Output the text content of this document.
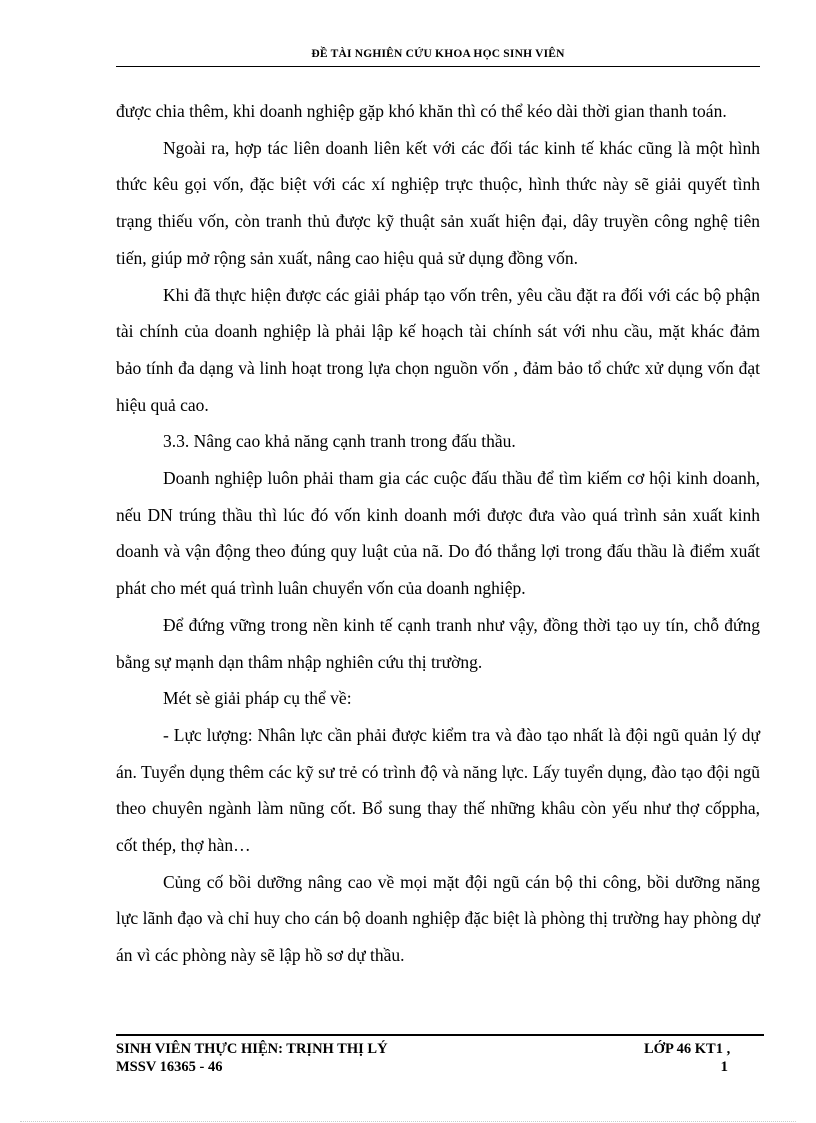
ĐỀ TÀI NGHIÊN CỨU KHOA HỌC SINH VIÊN

được chia thêm, khi doanh nghiệp gặp khó khăn thì có thể kéo dài thời gian thanh toán.

Ngoài ra, hợp tác liên doanh liên kết với các đối tác kinh tế khác cũng là một hình thức kêu gọi vốn, đặc biệt với các xí nghiệp trực thuộc, hình thức này sẽ giải quyết tình trạng thiếu vốn, còn tranh thủ được kỹ thuật sản xuất hiện đại, dây truyền công nghệ tiên tiến, giúp mở rộng sản xuất, nâng cao hiệu quả sử dụng đồng vốn.

Khi đã thực hiện được các giải pháp tạo vốn trên, yêu cầu đặt ra đối với các bộ phận tài chính của doanh nghiệp là phải lập kế hoạch tài chính sát với nhu cầu, mặt khác đảm bảo tính đa dạng và linh hoạt trong lựa chọn nguồn vốn , đảm bảo tổ chức xử dụng vốn đạt hiệu quả cao.

3.3. Nâng cao khả năng cạnh tranh trong đấu thầu.

Doanh nghiệp luôn phải tham gia các cuộc đấu thầu để tìm kiếm cơ hội kinh doanh, nếu DN trúng thầu thì lúc đó vốn kinh doanh mới được đưa vào quá trình sản xuất kinh doanh và vận động theo đúng quy luật của nã. Do đó thắng lợi trong đấu thầu là điểm xuất phát cho mét quá trình luân chuyển vốn của doanh nghiệp.

Để đứng vững trong nền kinh tế cạnh tranh như vậy, đồng thời tạo uy tín, chỗ đứng bằng sự mạnh dạn thâm nhập nghiên cứu thị trường.

Mét sè giải pháp cụ thể về:

- Lực lượng: Nhân lực cần phải được kiểm tra và đào tạo nhất là đội ngũ quản lý dự án. Tuyển dụng thêm các kỹ sư trẻ có trình độ và năng lực. Lấy tuyển dụng, đào tạo đội ngũ theo chuyên ngành làm nũng cốt. Bổ sung thay thế những khâu còn yếu như thợ cốppha, cốt thép, thợ hàn…

Củng cố bồi dưỡng nâng cao về mọi mặt đội ngũ cán bộ thi công, bồi dưỡng năng lực lãnh đạo và chỉ huy cho cán bộ doanh nghiệp đặc biệt là phòng thị trường hay phòng dự án vì các phòng này sẽ lập hồ sơ dự thầu.

SINH VIÊN THỰC HIỆN: TRỊNH THỊ LÝ	LỚP 46 KT1 ,
MSSV 16365 - 46	1
